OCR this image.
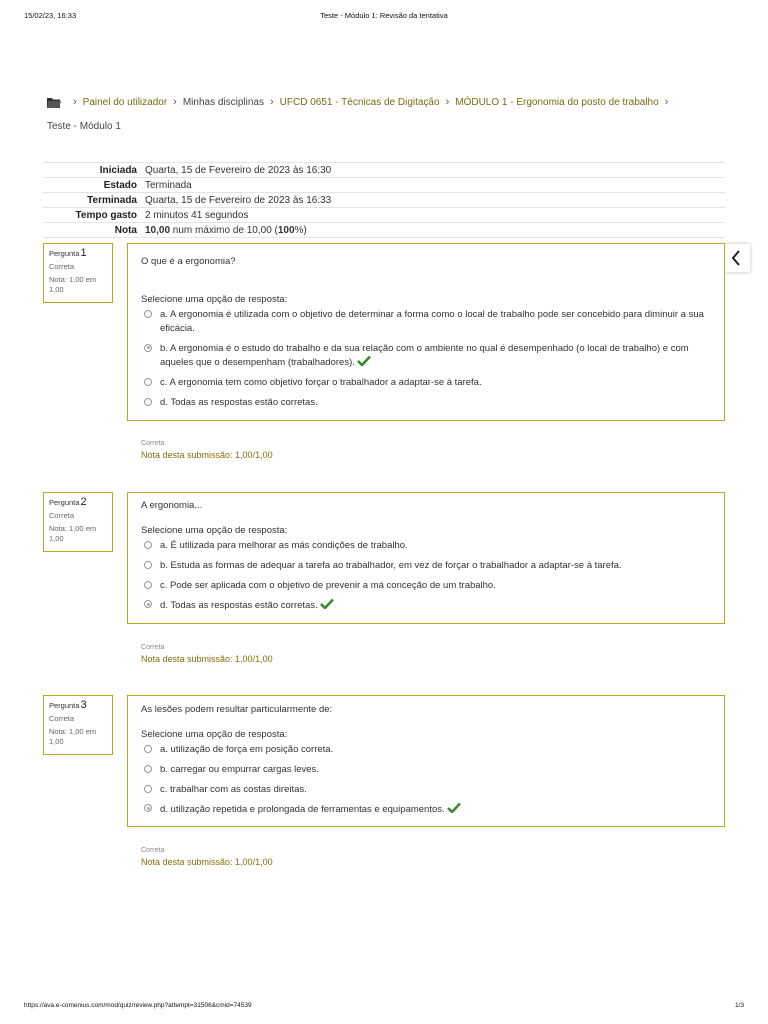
15/02/23, 16:33	Teste - Módulo 1: Revisão da tentativa
› Painel do utilizador › Minhas disciplinas › UFCD 0651 - Técnicas de Digitação › MÓDULO 1 - Ergonomia do posto de trabalho ›
Teste - Módulo 1
Iniciada	Quarta, 15 de Fevereiro de 2023 às 16:30
Estado	Terminada
Terminada	Quarta, 15 de Fevereiro de 2023 às 16:33
Tempo gasto	2 minutos 41 segundos
Nota	10,00 num máximo de 10,00 (100%)
Pergunta1
Correta
Nota: 1,00 em 1,00
O que é a ergonomia?
Selecione uma opção de resposta:
a. A ergonomia é utilizada com o objetivo de determinar a forma como o local de trabalho pode ser concebido para diminuir a sua eficácia.
b. A ergonomia é o estudo do trabalho e da sua relação com o ambiente no qual é desempenhado (o local de trabalho) e com aqueles que o desempenham (trabalhadores).
c. A ergonomia tem como objetivo forçar o trabalhador a adaptar-se à tarefa.
d. Todas as respostas estão corretas.
Correta
Nota desta submissão: 1,00/1,00
Pergunta2
Correta
Nota: 1,00 em 1,00
A ergonomia...
Selecione uma opção de resposta:
a. É utilizada para melhorar as más condições de trabalho.
b. Estuda as formas de adequar a tarefa ao trabalhador, em vez de forçar o trabalhador a adaptar-se à tarefa.
c. Pode ser aplicada com o objetivo de prevenir a má conceção de um trabalho.
d. Todas as respostas estão corretas.
Correta
Nota desta submissão: 1,00/1,00
Pergunta3
Correta
Nota: 1,00 em 1,00
As lesões podem resultar particularmente de:
Selecione uma opção de resposta:
a. utilização de força em posição correta.
b. carregar ou empurrar cargas leves.
c. trabalhar com as costas direitas.
d. utilização repetida e prolongada de ferramentas e equipamentos.
Correta
Nota desta submissão: 1,00/1,00
https://ava.e-comenius.com/mod/quiz/review.php?attempt=31506&cmid=74539	1/3
